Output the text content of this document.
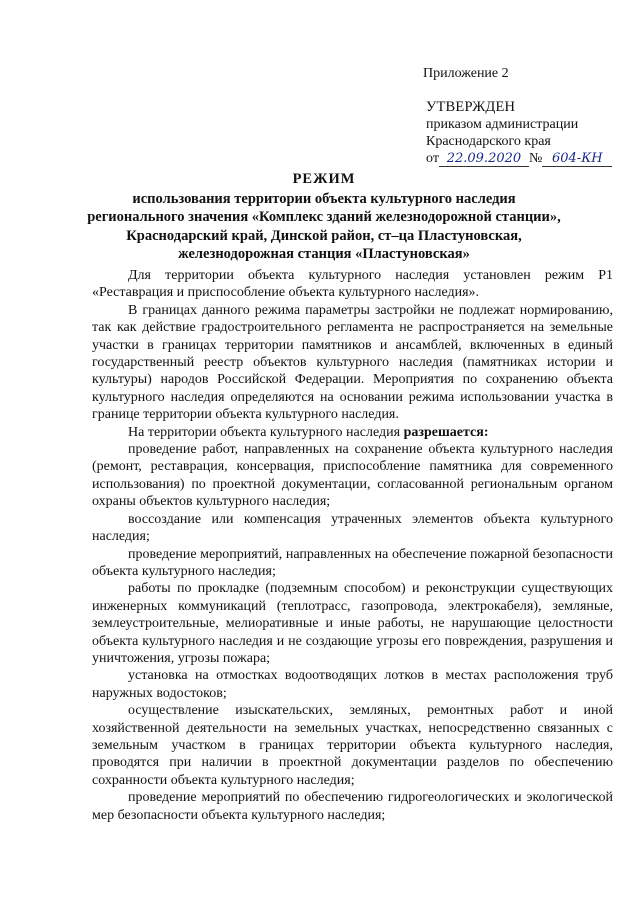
Приложение 2
УТВЕРЖДЕН
приказом администрации
Краснодарского края
от 22.09.2020 № 604-КН
РЕЖИМ
использования территории объекта культурного наследия
регионального значения «Комплекс зданий железнодорожной станции»,
Краснодарский край, Динской район, ст–ца Пластуновская,
железнодорожная станция «Пластуновская»

Для территории объекта культурного наследия установлен режим Р1 «Реставрация и приспособление объекта культурного наследия».

В границах данного режима параметры застройки не подлежат нормированию, так как действие градостроительного регламента не распространяется на земельные участки в границах территории памятников и ансамблей, включенных в единый государственный реестр объектов культурного наследия (памятниках истории и культуры) народов Российской Федерации. Мероприятия по сохранению объекта культурного наследия определяются на основании режима использовании участка в границе территории объекта культурного наследия.

На территории объекта культурного наследия разрешается:

проведение работ, направленных на сохранение объекта культурного наследия (ремонт, реставрация, консервация, приспособление памятника для современного использования) по проектной документации, согласованной региональным органом охраны объектов культурного наследия;

воссоздание или компенсация утраченных элементов объекта культурного наследия;

проведение мероприятий, направленных на обеспечение пожарной безопасности объекта культурного наследия;

работы по прокладке (подземным способом) и реконструкции существующих инженерных коммуникаций (теплотрасс, газопровода, электрокабеля), земляные, землеустроительные, мелиоративные и иные работы, не нарушающие целостности объекта культурного наследия и не создающие угрозы его повреждения, разрушения и уничтожения, угрозы пожара;

установка на отмостках водоотводящих лотков в местах расположения труб наружных водостоков;

осуществление изыскательских, земляных, ремонтных работ и иной хозяйственной деятельности на земельных участках, непосредственно связанных с земельным участком в границах территории объекта культурного наследия, проводятся при наличии в проектной документации разделов по обеспечению сохранности объекта культурного наследия;

проведение мероприятий по обеспечению гидрогеологических и экологической мер безопасности объекта культурного наследия;
